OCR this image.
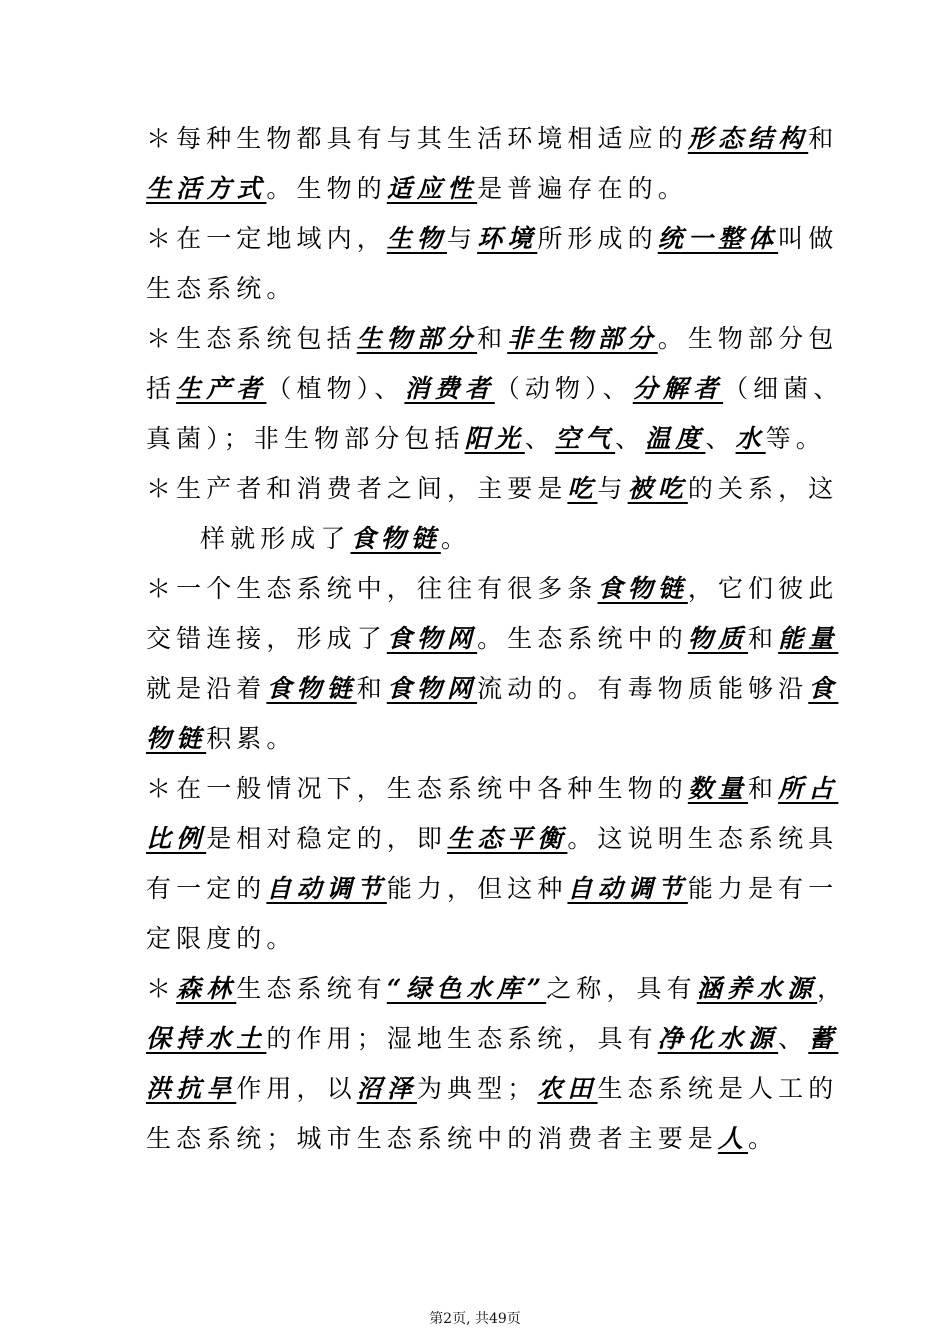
＊每种生物都具有与其生活环境相适应的形态结构和
生活方式。生物的适应性是普遍存在的。
＊在一定地域内，生物与环境所形成的统一整体叫做
生态系统。
＊生态系统包括生物部分和非生物部分。生物部分包
括生产者（植物）、消费者（动物）、分解者（细菌、
真菌）；非生物部分包括阳光、空气、温度、水等。
＊生产者和消费者之间，主要是吃与被吃的关系，这
样就形成了食物链。
＊一个生态系统中，往往有很多条食物链，它们彼此
交错连接，形成了食物网。生态系统中的物质和能量
就是沿着食物链和食物网流动的。有毒物质能够沿食
物链积累。
＊在一般情况下，生态系统中各种生物的数量和所占
比例是相对稳定的，即生态平衡。这说明生态系统具
有一定的自动调节能力，但这种自动调节能力是有一
定限度的。
＊森林生态系统有“绿色水库”之称，具有涵养水源，
保持水土的作用；湿地生态系统，具有净化水源、蓄
洪抗旱作用，以沼泽为典型；农田生态系统是人工的
生态系统；城市生态系统中的消费者主要是人。
第2页, 共49页
